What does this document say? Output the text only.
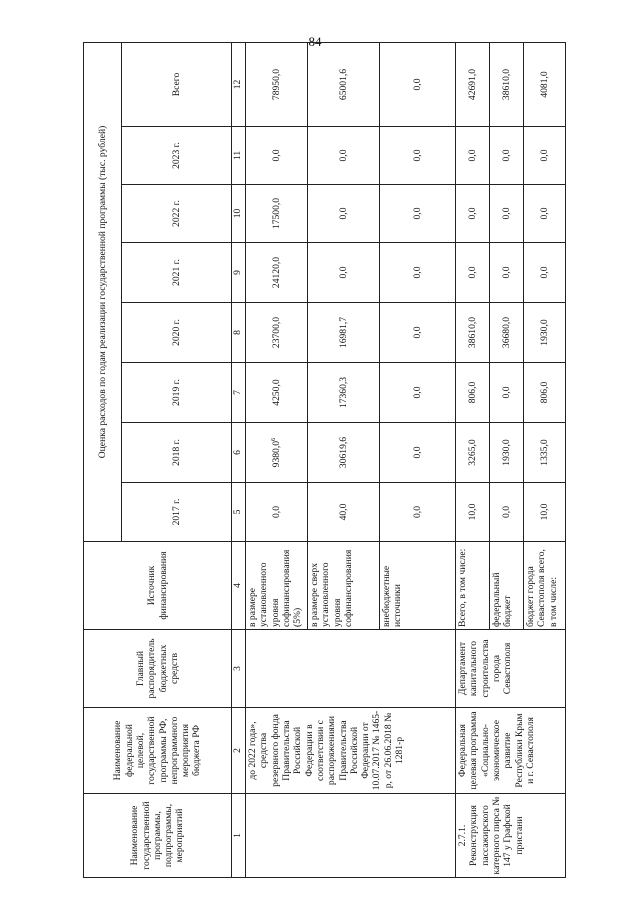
84
Наименование государственной программы, подпрограммы, мероприятий	Наименование федеральной целевой, государственной программы РФ, непрограммного мероприятия бюджета РФ	Главный распорядитель бюджетных средств	Источник финансирования	Оценка расходов по годам реализации государственной программы (тыс. рублей)							
				2017 г.	2018 г.	2019 г.	2020 г.	2021 г.	2022 г.	2023 г.	Всего
1	2	3	4	5	6	7	8	9	10	11	12
	до 2022 года», средства резервного фонда Правительства Российской Федерации в соответствии с распоряжениями Правительства Российской Федерации от 10.07.2017 № 1465-р, от 26.06.2018 № 1281-р		в размере установленного уровня софинансирования (5%)	0,0	9380,0$^6$	4250,0	23700,0	24120,0	17500,0	0,0	78950,0
			в размере сверх установленного уровня софинансирования	40,0	30619,6	17360,3	16981,7	0,0	0,0	0,0	65001,6
			внебюджетные источники	0,0	0,0	0,0	0,0	0,0	0,0	0,0	0,0
2.7.1. Реконструкция пассажирского катерного пирса № 147 у Графской пристани	Федеральная целевая программа «Социально-экономическое развитие Республики Крым и г. Севастополя	Департамент капитального строительства города Севастополя	Всего, в том числе:	10,0	3265,0	806,0	38610,0	0,0	0,0	0,0	42691,0
			федеральный бюджет	0,0	1930,0	0,0	36680,0	0,0	0,0	0,0	38610,0
			бюджет города Севастополя всего, в том числе:	10,0	1335,0	806,0	1930,0	0,0	0,0	0,0	4081,0
